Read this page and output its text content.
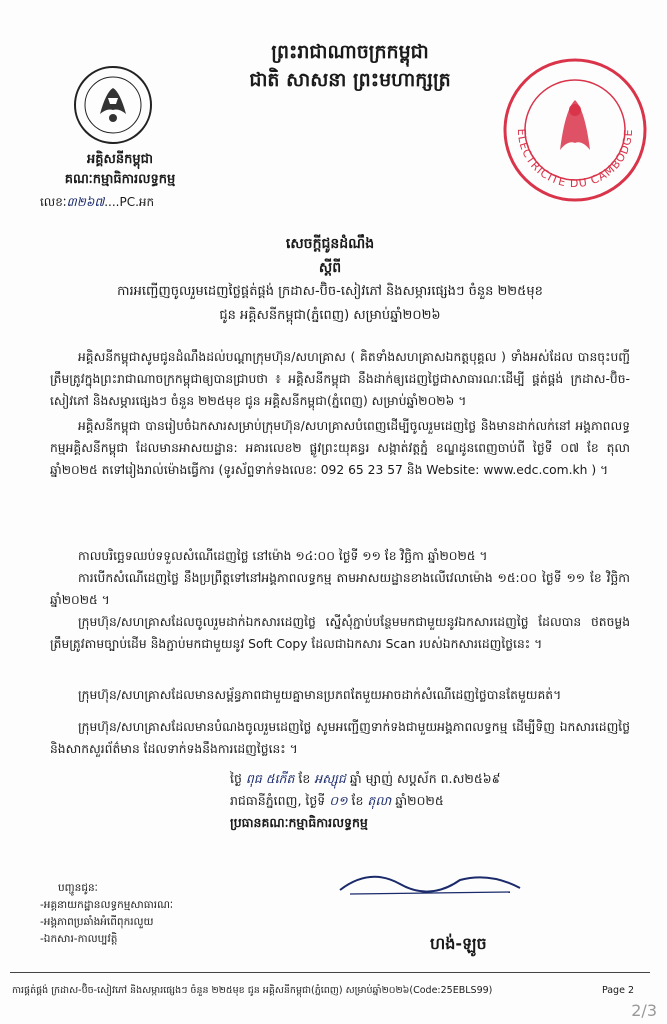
ព្រះរាជាណាចក្រកម្ពុជា
ជាតិ សាសនា ព្រះមហាក្សត្រ
អគ្គិសនីកម្ពុជា
គណៈកម្មាធិការលទ្ធកម្ម
លេខៈ៣២៦៧....PC.អក
ELECTRICITE DU CAMBODGE
សេចក្តីជូនដំណឹង
ស្តីពី
ការអញ្ជើញចូលរួមដេញថ្លៃផ្គត់ផ្គង់ ក្រដាស-ប៊ិច-សៀវភៅ និងសម្ភារផ្សេងៗ ចំនួន ២២៥មុខ
ជូន អគ្គិសនីកម្ពុជា(ភ្នំពេញ) សម្រាប់ឆ្នាំ២០២៦
អគ្គិសនីកម្ពុជាសូមជូនដំណឹងដល់បណ្តាក្រុមហ៊ុន/សហគ្រាស ( គិតទាំងសហគ្រាសឯកត្តបុគ្គល ) ទាំងអស់ដែល បានចុះបញ្ជីត្រឹមត្រូវក្នុងព្រះរាជាណាចក្រកម្ពុជាឲ្យបានជ្រាបថា ៖ អគ្គិសនីកម្ពុជា នឹងដាក់ឲ្យដេញថ្លៃជាសាធារណៈដើម្បី ផ្គត់ផ្គង់ ក្រដាស-ប៊ិច-សៀវភៅ និងសម្ភារផ្សេងៗ ចំនួន ២២៥មុខ ជូន អគ្គិសនីកម្ពុជា(ភ្នំពេញ) សម្រាប់ឆ្នាំ២០២៦ ។
អគ្គិសនីកម្ពុជា បានរៀបចំឯកសារសម្រាប់ក្រុមហ៊ុន/សហគ្រាសបំពេញដើម្បីចូលរួមដេញថ្លៃ និងមានដាក់លក់នៅ អង្គភាពលទ្ធកម្មអគ្គិសនីកម្ពុជា ដែលមានអាសយដ្ឋាន: អគារលេខ២ ផ្លូវព្រះយុគន្ធរ សង្កាត់វត្តភ្នំ ខណ្ឌដូនពេញចាប់ពី ថ្ងៃទី ០៧ ខែ តុលា ឆ្នាំ២០២៥ តទៅរៀងរាល់ម៉ោងធ្វើការ (ទូរស័ព្ទទាក់ទងលេខៈ 092 65 23 57 និង Website: www.edc.com.kh ) ។
កាលបរិច្ឆេទឈប់ទទួលសំណើដេញថ្លៃ នៅម៉ោង ១៤:០០ ថ្ងៃទី ១១ ខែ វិច្ឆិកា ឆ្នាំ២០២៥ ។
ការបើកសំណើដេញថ្លៃ នឹងប្រព្រឹត្តទៅនៅអង្គភាពលទ្ធកម្ម តាមអាសយដ្ឋានខាងលើវេលាម៉ោង ១៥:០០ ថ្ងៃទី ១១ ខែ វិច្ឆិកា ឆ្នាំ២០២៥ ។
ក្រុមហ៊ុន/សហគ្រាសដែលចូលរួមដាក់ឯកសារដេញថ្លៃ ស្នើសុំភ្ជាប់បន្ថែមមកជាមួយនូវឯកសារដេញថ្លៃ ដែលបាន ថតចម្លងត្រឹមត្រូវតាមច្បាប់ដើម និងភ្ជាប់មកជាមួយនូវ Soft Copy ដែលជាឯកសារ Scan របស់ឯកសារដេញថ្លៃនេះ ។
ក្រុមហ៊ុន/សហគ្រាសដែលមានសម្ព័ន្ធភាពជាមួយគ្នាមានប្រភពតែមួយអាចដាក់សំណើដេញថ្លៃបានតែមួយគត់។
ក្រុមហ៊ុន/សហគ្រាសដែលមានបំណងចូលរួមដេញថ្លៃ សូមអញ្ជើញទាក់ទងជាមួយអង្គភាពលទ្ធកម្ម ដើម្បីទិញ ឯកសារដេញថ្លៃ និងសាកសួរព័ត៌មាន ដែលទាក់ទងនឹងការដេញថ្លៃនេះ ។
ថ្ងៃ ពុធ ៥កើត ខែ អស្សុជ ឆ្នាំ ម្សាញ់ សប្តស័ក ព.ស២៥៦៩
រាជធានីភ្នំពេញ, ថ្ងៃទី ០១ ខែ តុលា ឆ្នាំ២០២៥
ប្រធានគណៈកម្មាធិការលទ្ធកម្ម
បញ្ជូនជូនៈ
-អគ្គនាយកដ្ឋានលទ្ធកម្មសាធារណៈ
-អង្គភាពប្រឆាំងអំពើពុករលួយ
-ឯកសារ-កាលប្បវត្តិ	ហង់-ឡូច
ការផ្គត់ផ្គង់ ក្រដាស-ប៊ិច-សៀវភៅ និងសម្ភារផ្សេងៗ ចំនួន ២២៥មុខ ជូន អគ្គិសនីកម្ពុជា(ភ្នំពេញ) សម្រាប់ឆ្នាំ២០២៦(Code:25EBLS99)	Page 2
2/3
